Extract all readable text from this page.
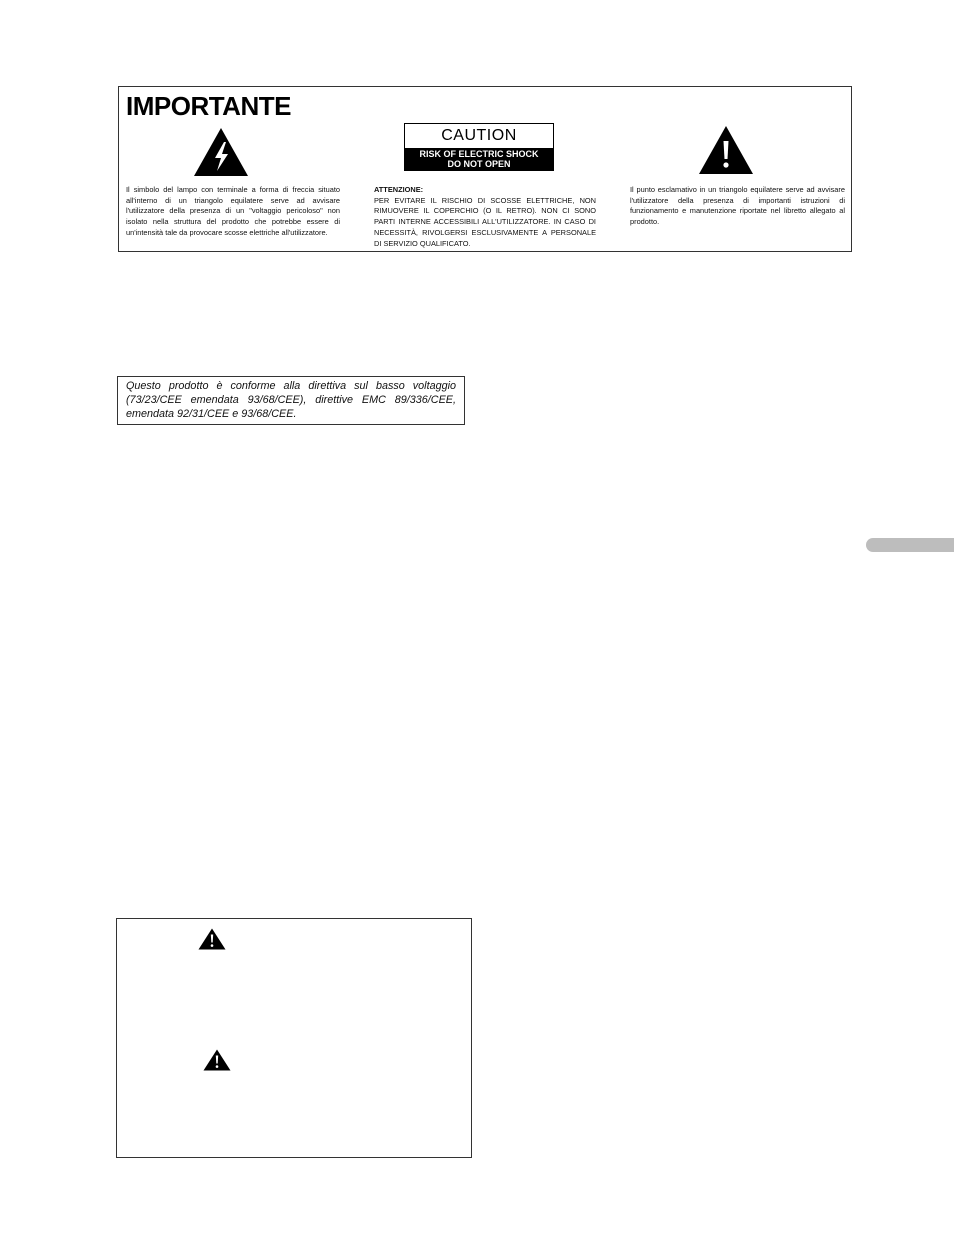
IMPORTANTE
CAUTION
RISK OF ELECTRIC SHOCK
DO NOT OPEN

Il simbolo del lampo con terminale a forma di freccia situato all'interno di un triangolo equilatere serve ad avvisare l'utilizzatore della presenza di un "voltaggio pericoloso" non isolato nella struttura del prodotto che potrebbe essere di un'intensità tale da provocare scosse elettriche all'utilizzatore.

ATTENZIONE:
PER EVITARE IL RISCHIO DI SCOSSE ELETTRICHE, NON RIMUOVERE IL COPERCHIO (O IL RETRO). NON CI SONO PARTI INTERNE ACCESSIBILI ALL'UTILIZZATORE. IN CASO DI NECESSITÀ, RIVOLGERSI ESCLUSIVAMENTE A PERSONALE DI SERVIZIO QUALIFICATO.

Il punto esclamativo in un triangolo equilatere serve ad avvisare l'utilizzatore della presenza di importanti istruzioni di funzionamento e manutenzione riportate nel libretto allegato al prodotto.

Questo prodotto è conforme alla direttiva sul basso voltaggio (73/23/CEE emendata 93/68/CEE), direttive EMC 89/336/CEE, emendata 92/31/CEE e 93/68/CEE.
